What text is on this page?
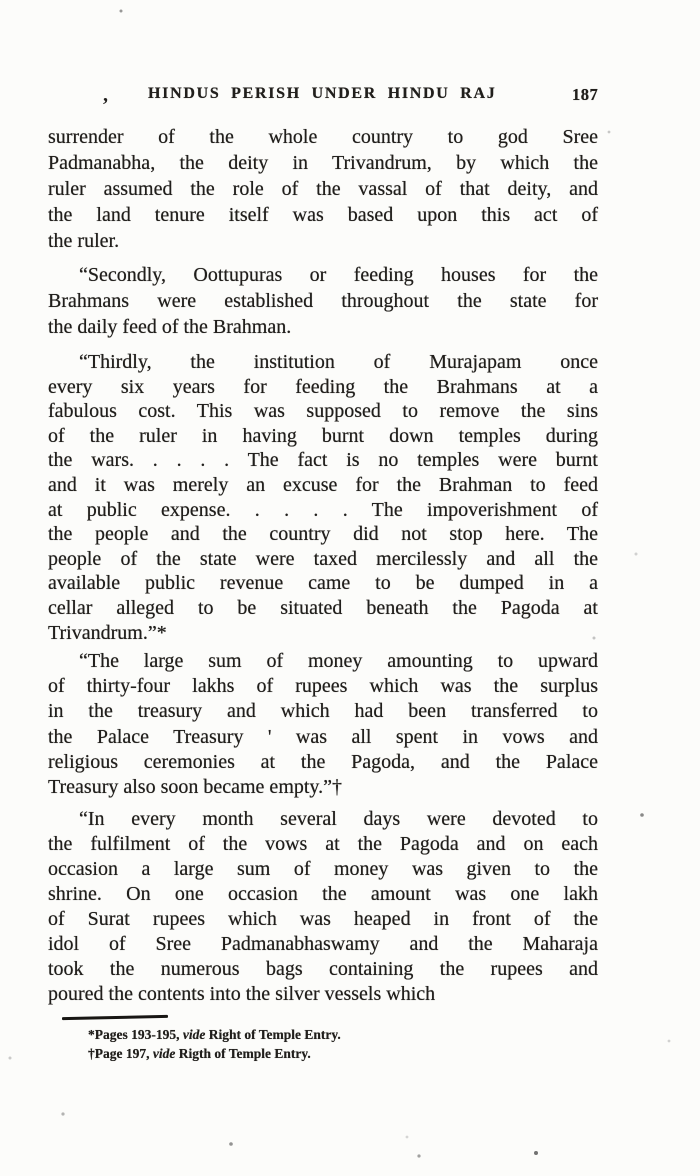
,	HINDUS PERISH UNDER HINDU RAJ	187
surrender of the whole country to god Sree
Padmanabha, the deity in Trivandrum, by which the
ruler assumed the role of the vassal of that deity, and
the land tenure itself was based upon this act of
the ruler.
“Secondly, Oottupuras or feeding houses for the
Brahmans were established throughout the state for
the daily feed of the Brahman.
“Thirdly, the institution of Murajapam once
every six years for feeding the Brahmans at a
fabulous cost. This was supposed to remove the sins
of the ruler in having burnt down temples during
the wars. . . . . The fact is no temples were burnt
and it was merely an excuse for the Brahman to feed
at public expense. . . . . The impoverishment of
the people and the country did not stop here. The
people of the state were taxed mercilessly and all the
available public revenue came to be dumped in a
cellar alleged to be situated beneath the Pagoda at
Trivandrum.”*
“The large sum of money amounting to upward
of thirty-four lakhs of rupees which was the surplus
in the treasury and which had been transferred to
the Palace Treasury ' was all spent in vows and
religious ceremonies at the Pagoda, and the Palace
Treasury also soon became empty.”†
“In every month several days were devoted to
the fulfilment of the vows at the Pagoda and on each
occasion a large sum of money was given to the
shrine. On one occasion the amount was one lakh
of Surat rupees which was heaped in front of the
idol of Sree Padmanabhaswamy and the Maharaja
took the numerous bags containing the rupees and
poured the contents into the silver vessels which
*Pages 193-195, vide Right of Temple Entry.
†Page 197, vide Rigth of Temple Entry.
